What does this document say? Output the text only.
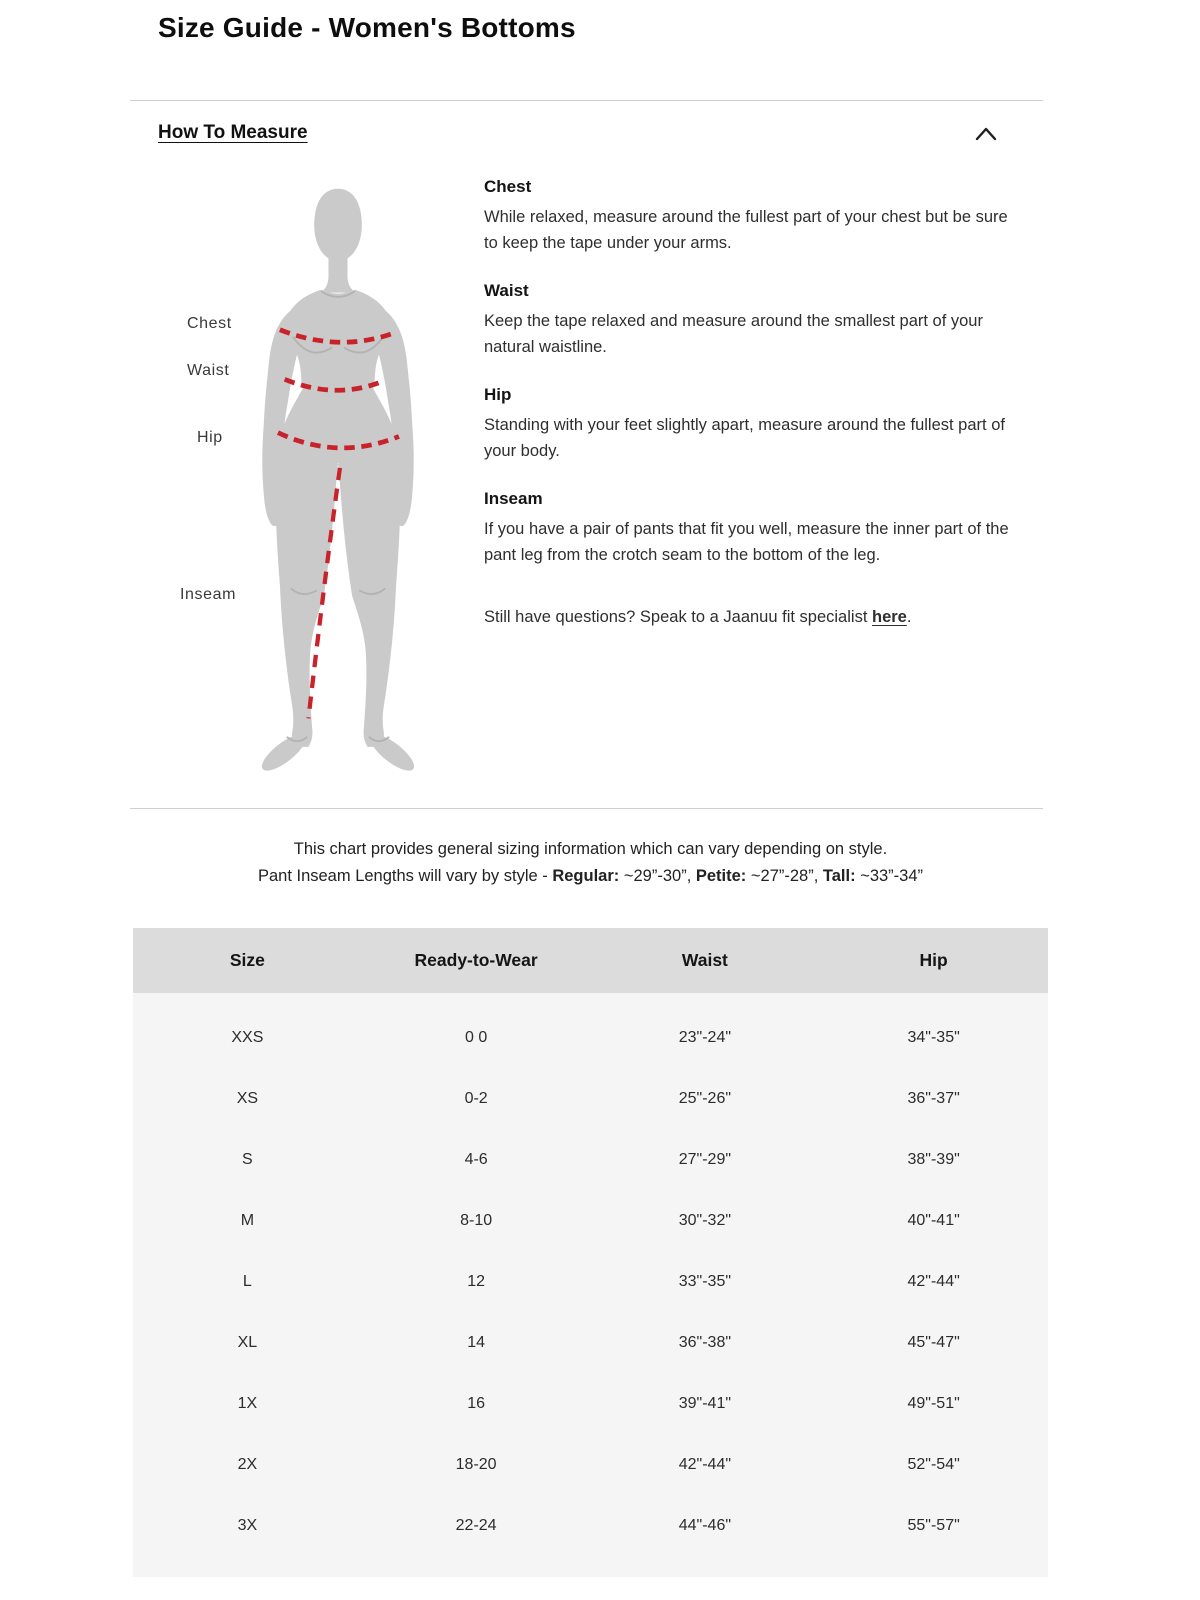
Size Guide - Women's Bottoms
How To Measure
Chest
Waist
Hip
Inseam
Chest

While relaxed, measure around the fullest part of your chest but be sure to keep the tape under your arms.

Waist

Keep the tape relaxed and measure around the smallest part of your natural waistline.

Hip

Standing with your feet slightly apart, measure around the fullest part of your body.

Inseam

If you have a pair of pants that fit you well, measure the inner part of the pant leg from the crotch seam to the bottom of the leg.

Still have questions? Speak to a Jaanuu fit specialist here.
This chart provides general sizing information which can vary depending on style.
Pant Inseam Lengths will vary by style - Regular: ~29”-30”, Petite: ~27”-28”, Tall: ~33”-34”
Size	Ready-to-Wear	Waist	Hip
XXS	0 0	23"-24"	34"-35"
XS	0-2	25"-26"	36"-37"
S	4-6	27"-29"	38"-39"
M	8-10	30"-32"	40"-41"
L	12	33"-35"	42"-44"
XL	14	36"-38"	45"-47"
1X	16	39"-41"	49"-51"
2X	18-20	42"-44"	52"-54"
3X	22-24	44"-46"	55"-57"
